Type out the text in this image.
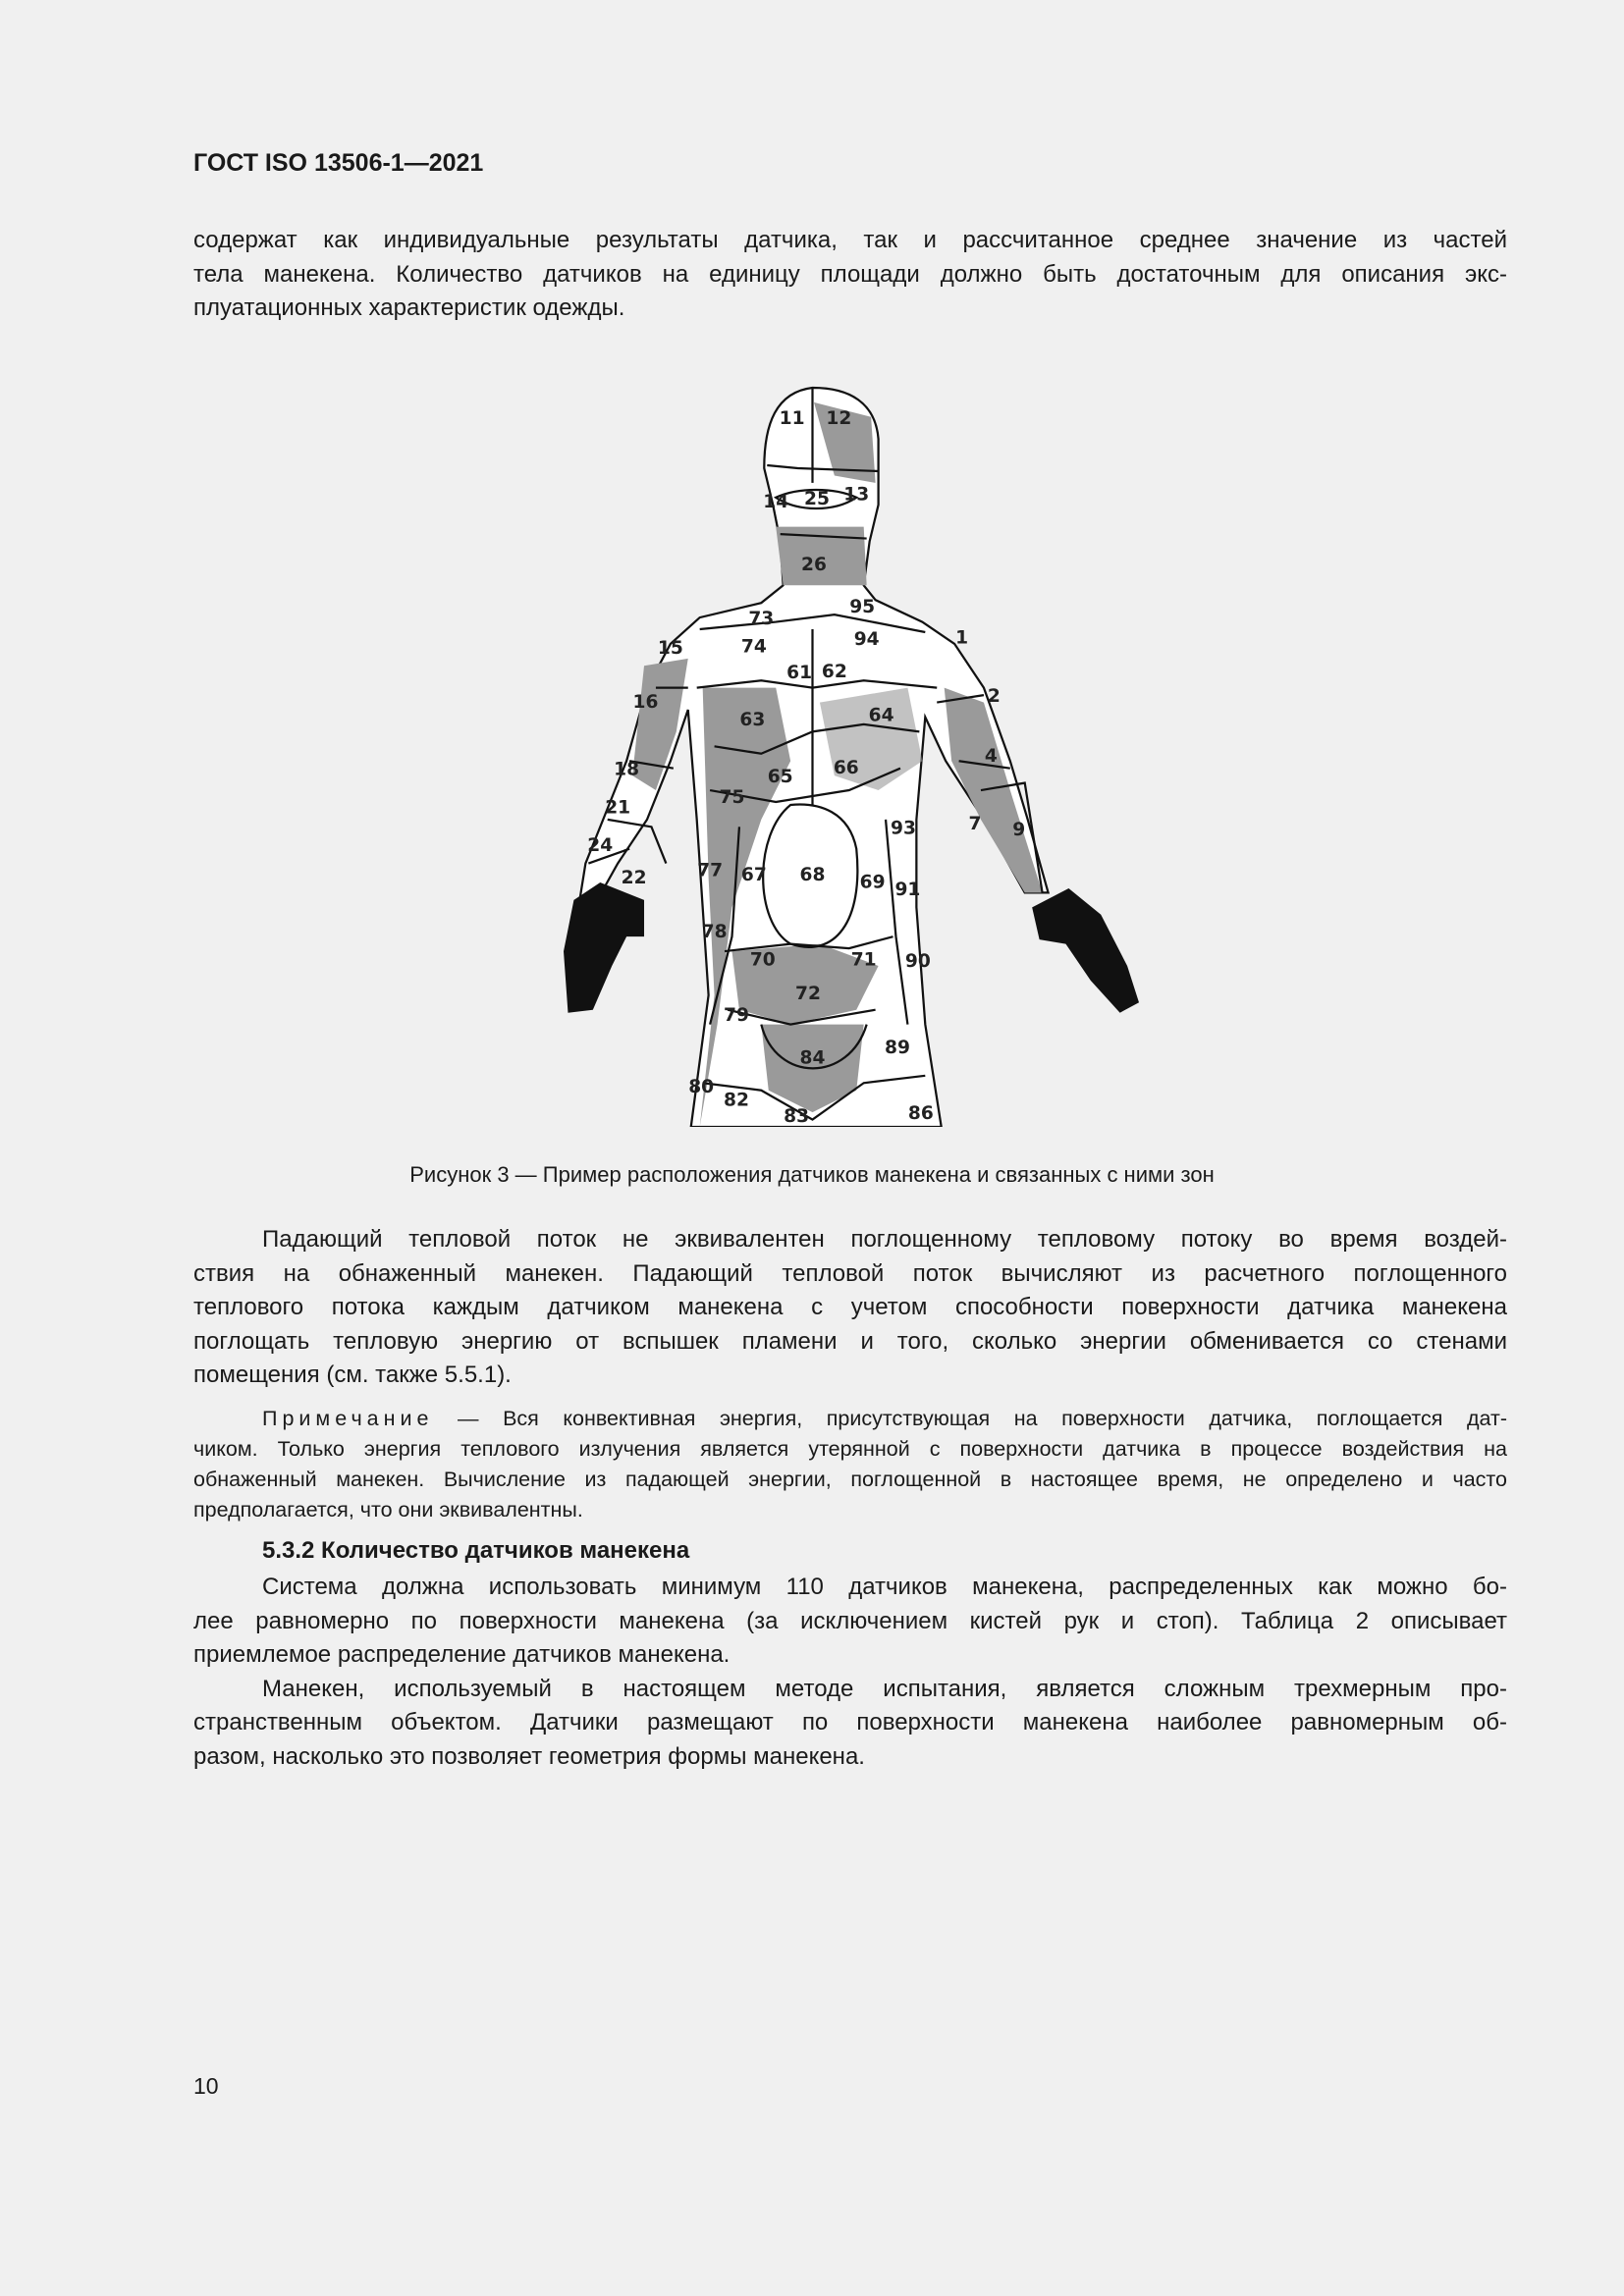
ГОСТ ISO 13506-1—2021
содержат как индивидуальные результаты датчика, так и рассчитанное среднее значение из частей
тела манекена. Количество датчиков на единицу площади должно быть достаточным для описания экс-
плуатационных характеристик одежды.
11 12
14 25 13
26
95
73
74	94
15	1
61 62
16	2
63	64
4
18	65	66
75
21
93	7	9
24
77 67	68	69 91
22
78
70	71 90
72
79
89
84
80
82
83	86
Рисунок 3 — Пример расположения датчиков манекена и связанных с ними зон
Падающий тепловой поток не эквивалентен поглощенному тепловому потоку во время воздей-
ствия на обнаженный манекен. Падающий тепловой поток вычисляют из расчетного поглощенного
теплового потока каждым датчиком манекена с учетом способности поверхности датчика манекена
поглощать тепловую энергию от вспышек пламени и того, сколько энергии обменивается со стенами
помещения (см. также 5.5.1).
Примечание — Вся конвективная энергия, присутствующая на поверхности датчика, поглощается дат-
чиком. Только энергия теплового излучения является утерянной с поверхности датчика в процессе воздействия на
обнаженный манекен. Вычисление из падающей энергии, поглощенной в настоящее время, не определено и часто
предполагается, что они эквивалентны.
5.3.2 Количество датчиков манекена
Система должна использовать минимум 110 датчиков манекена, распределенных как можно бо-
лее равномерно по поверхности манекена (за исключением кистей рук и стоп). Таблица 2 описывает
приемлемое распределение датчиков манекена.
Манекен, используемый в настоящем методе испытания, является сложным трехмерным про-
странственным объектом. Датчики размещают по поверхности манекена наиболее равномерным об-
разом, насколько это позволяет геометрия формы манекена.
10
